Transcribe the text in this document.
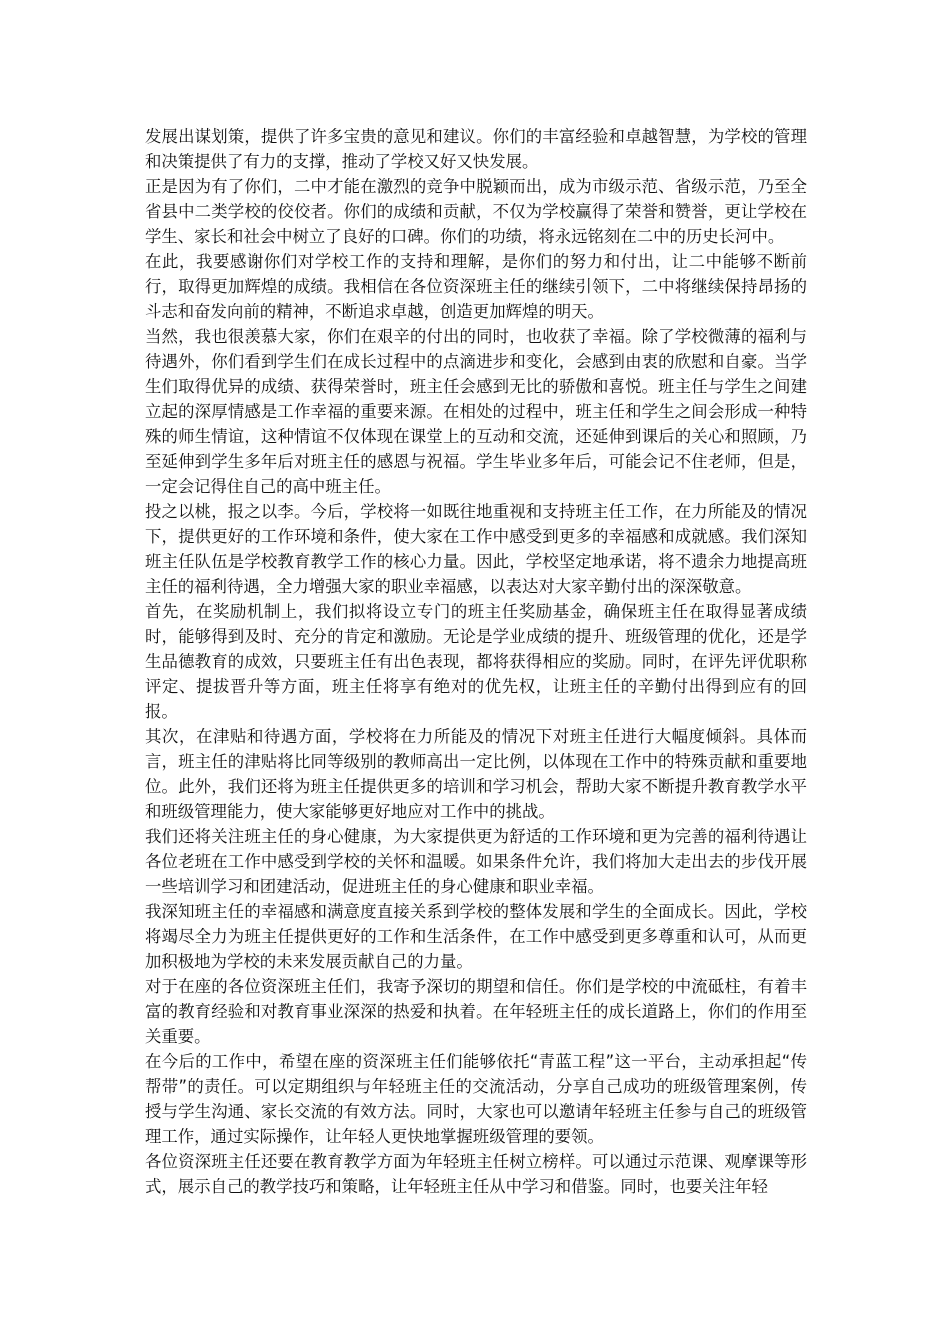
发展出谋划策，提供了许多宝贵的意见和建议。你们的丰富经验和卓越智慧，为学校的管理和决策提供了有力的支撑，推动了学校又好又快发展。

正是因为有了你们，二中才能在激烈的竞争中脱颖而出，成为市级示范、省级示范，乃至全省县中二类学校的佼佼者。你们的成绩和贡献，不仅为学校赢得了荣誉和赞誉，更让学校在学生、家长和社会中树立了良好的口碑。你们的功绩，将永远铭刻在二中的历史长河中。

在此，我要感谢你们对学校工作的支持和理解，是你们的努力和付出，让二中能够不断前行，取得更加辉煌的成绩。我相信在各位资深班主任的继续引领下，二中将继续保持昂扬的斗志和奋发向前的精神，不断追求卓越，创造更加辉煌的明天。

当然，我也很羡慕大家，你们在艰辛的付出的同时，也收获了幸福。除了学校微薄的福利与待遇外，你们看到学生们在成长过程中的点滴进步和变化，会感到由衷的欣慰和自豪。当学生们取得优异的成绩、获得荣誉时，班主任会感到无比的骄傲和喜悦。班主任与学生之间建立起的深厚情感是工作幸福的重要来源。在相处的过程中，班主任和学生之间会形成一种特殊的师生情谊，这种情谊不仅体现在课堂上的互动和交流，还延伸到课后的关心和照顾，乃至延伸到学生多年后对班主任的感恩与祝福。学生毕业多年后，可能会记不住老师，但是，一定会记得住自己的高中班主任。

投之以桃，报之以李。今后，学校将一如既往地重视和支持班主任工作，在力所能及的情况下，提供更好的工作环境和条件，使大家在工作中感受到更多的幸福感和成就感。我们深知班主任队伍是学校教育教学工作的核心力量。因此，学校坚定地承诺，将不遗余力地提高班主任的福利待遇，全力增强大家的职业幸福感，以表达对大家辛勤付出的深深敬意。

首先，在奖励机制上，我们拟将设立专门的班主任奖励基金，确保班主任在取得显著成绩时，能够得到及时、充分的肯定和激励。无论是学业成绩的提升、班级管理的优化，还是学生品德教育的成效，只要班主任有出色表现，都将获得相应的奖励。同时，在评先评优职称评定、提拔晋升等方面，班主任将享有绝对的优先权，让班主任的辛勤付出得到应有的回报。

其次，在津贴和待遇方面，学校将在力所能及的情况下对班主任进行大幅度倾斜。具体而言，班主任的津贴将比同等级别的教师高出一定比例，以体现在工作中的特殊贡献和重要地位。此外，我们还将为班主任提供更多的培训和学习机会，帮助大家不断提升教育教学水平和班级管理能力，使大家能够更好地应对工作中的挑战。

我们还将关注班主任的身心健康，为大家提供更为舒适的工作环境和更为完善的福利待遇让各位老班在工作中感受到学校的关怀和温暖。如果条件允许，我们将加大走出去的步伐开展一些培训学习和团建活动，促进班主任的身心健康和职业幸福。

我深知班主任的幸福感和满意度直接关系到学校的整体发展和学生的全面成长。因此，学校将竭尽全力为班主任提供更好的工作和生活条件，在工作中感受到更多尊重和认可，从而更加积极地为学校的未来发展贡献自己的力量。

对于在座的各位资深班主任们，我寄予深切的期望和信任。你们是学校的中流砥柱，有着丰富的教育经验和对教育事业深深的热爱和执着。在年轻班主任的成长道路上，你们的作用至关重要。

在今后的工作中，希望在座的资深班主任们能够依托“青蓝工程”这一平台，主动承担起“传帮带”的责任。可以定期组织与年轻班主任的交流活动，分享自己成功的班级管理案例，传授与学生沟通、家长交流的有效方法。同时，大家也可以邀请年轻班主任参与自己的班级管理工作，通过实际操作，让年轻人更快地掌握班级管理的要领。

各位资深班主任还要在教育教学方面为年轻班主任树立榜样。可以通过示范课、观摩课等形式，展示自己的教学技巧和策略，让年轻班主任从中学习和借鉴。同时，也要关注年轻
